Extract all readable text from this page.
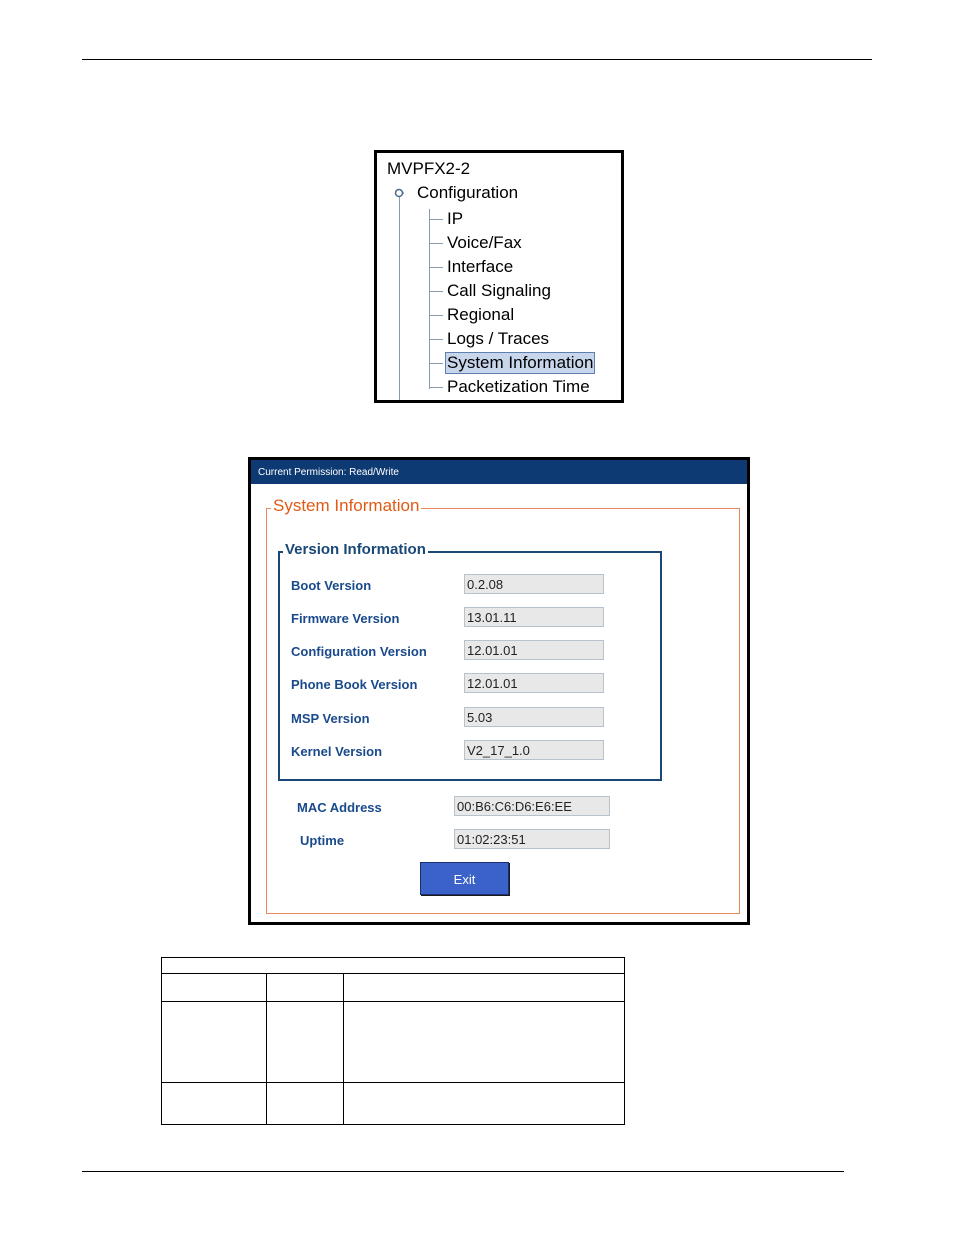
MVPFX2-2
Configuration
IP
Voice/Fax
Interface
Call Signaling
Regional
Logs / Traces
System Information
Packetization Time
Current Permission: Read/Write
System Information
Version Information
Boot Version	0.2.08
Firmware Version	13.01.11
Configuration Version	12.01.01
Phone Book Version	12.01.01
MSP Version	5.03
Kernel Version	V2_17_1.0
MAC Address	00:B6:C6:D6:E6:EE
Uptime	01:02:23:51
Exit
